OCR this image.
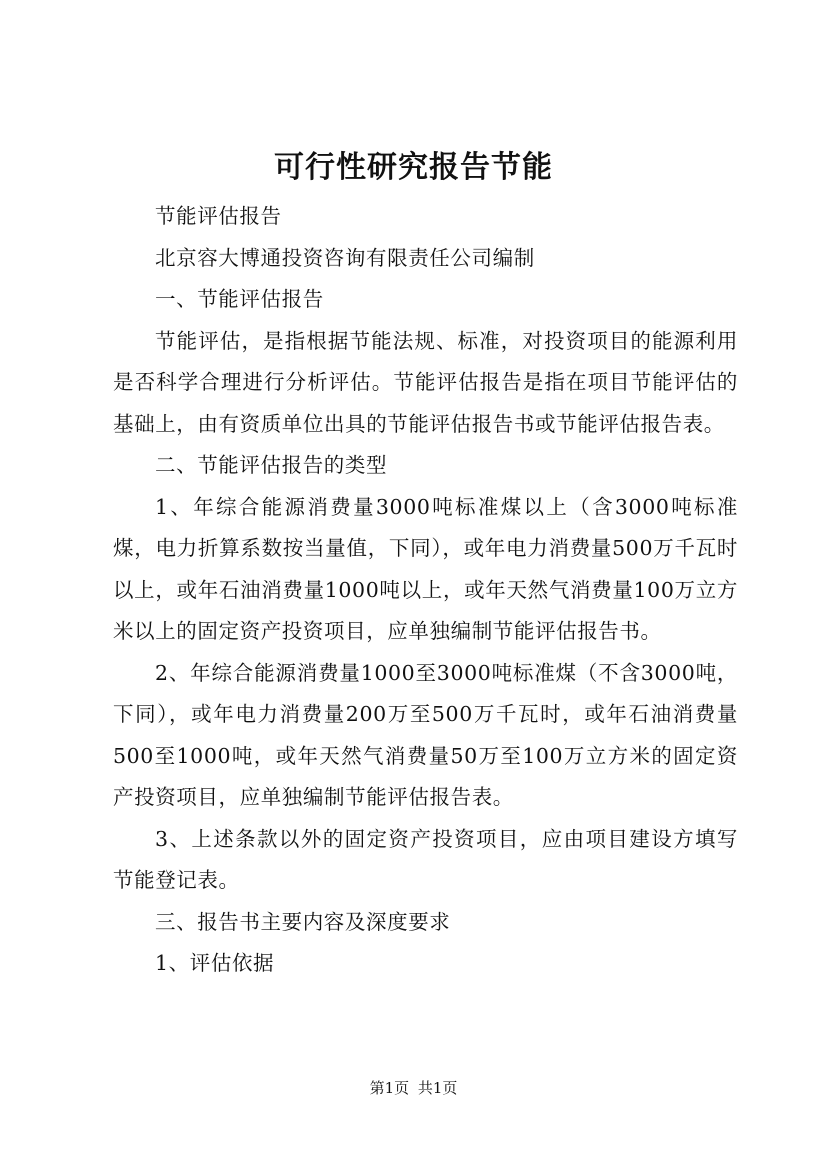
可行性研究报告节能

节能评估报告

北京容大博通投资咨询有限责任公司编制

一、节能评估报告

节能评估，是指根据节能法规、标准，对投资项目的能源利用是否科学合理进行分析评估。节能评估报告是指在项目节能评估的基础上，由有资质单位出具的节能评估报告书或节能评估报告表。

二、节能评估报告的类型

1、年综合能源消费量3000吨标准煤以上（含3000吨标准煤，电力折算系数按当量值，下同），或年电力消费量500万千瓦时以上，或年石油消费量1000吨以上，或年天然气消费量100万立方米以上的固定资产投资项目，应单独编制节能评估报告书。

2、年综合能源消费量1000至3000吨标准煤（不含3000吨，下同），或年电力消费量200万至500万千瓦时，或年石油消费量500至1000吨，或年天然气消费量50万至100万立方米的固定资产投资项目，应单独编制节能评估报告表。

3、上述条款以外的固定资产投资项目，应由项目建设方填写节能登记表。

三、报告书主要内容及深度要求

1、评估依据

第1页 共1页
